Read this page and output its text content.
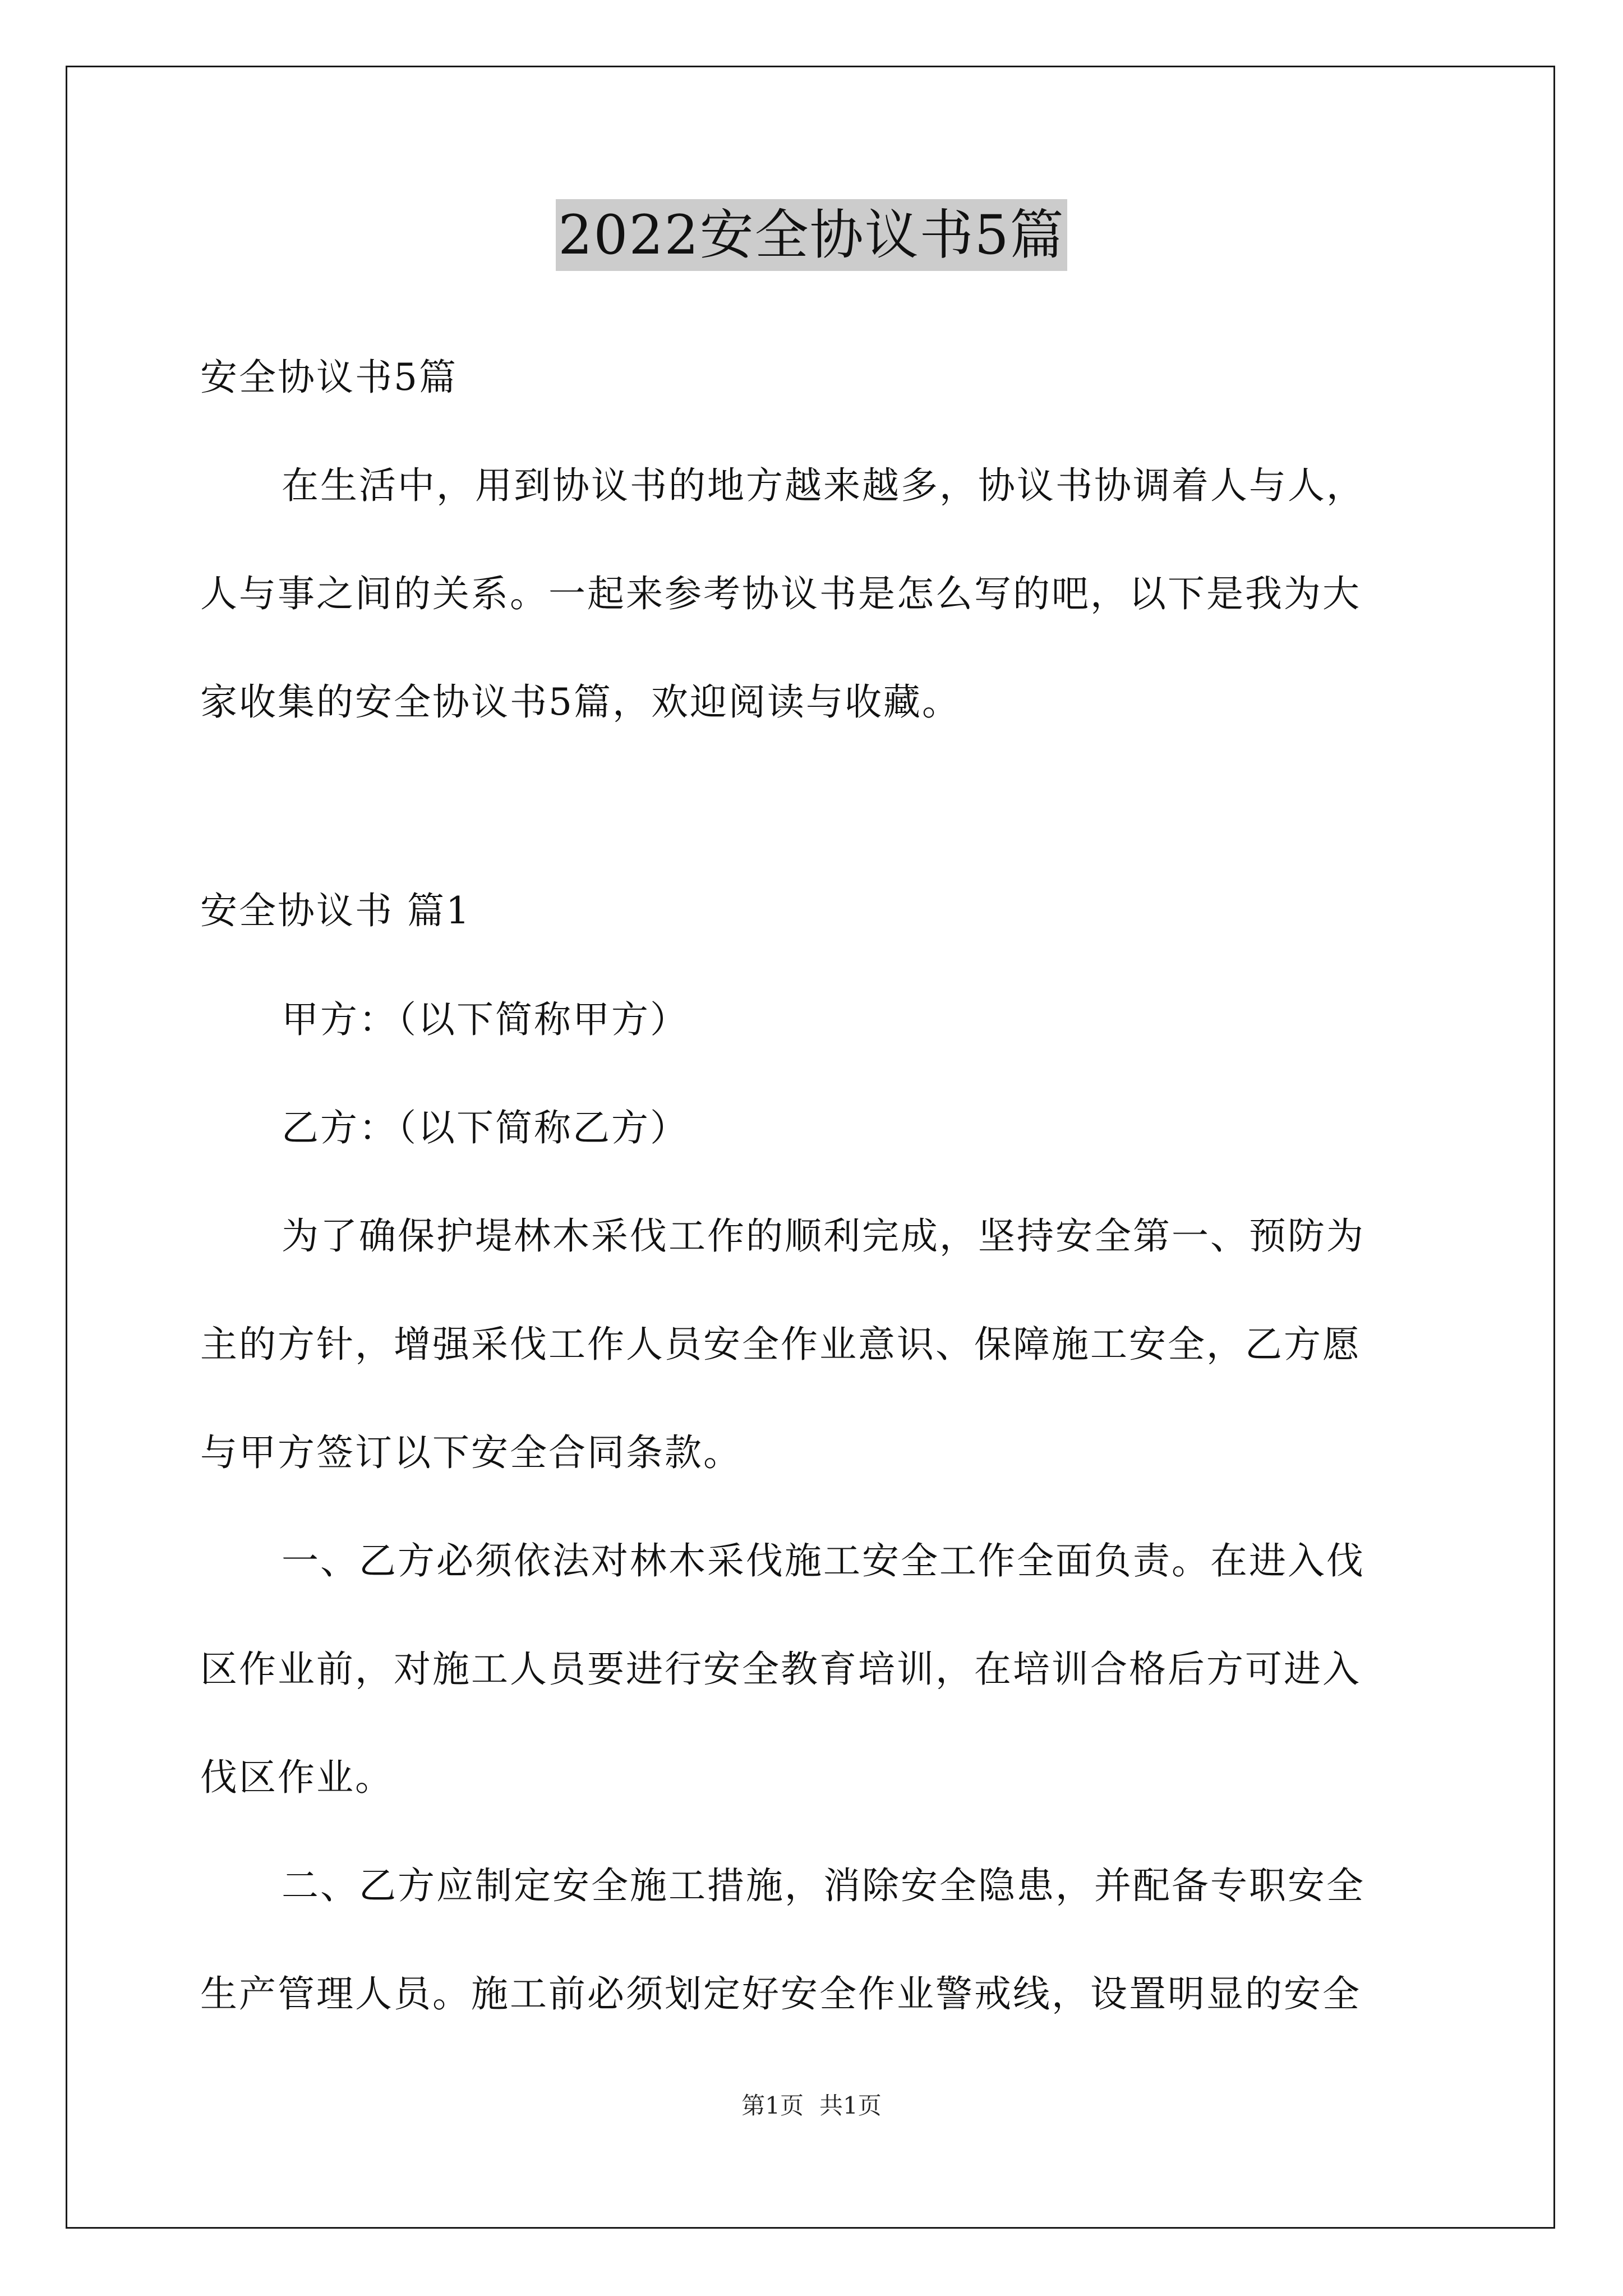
2022安全协议书5篇
安全协议书5篇
在生活中，用到协议书的地方越来越多，协议书协调着人与人，
人与事之间的关系。一起来参考协议书是怎么写的吧，以下是我为大
家收集的安全协议书5篇，欢迎阅读与收藏。
安全协议书 篇1
甲方：（以下简称甲方）
乙方：（以下简称乙方）
为了确保护堤林木采伐工作的顺利完成，坚持安全第一、预防为
主的方针，增强采伐工作人员安全作业意识、保障施工安全，乙方愿
与甲方签订以下安全合同条款。
一、乙方必须依法对林木采伐施工安全工作全面负责。在进入伐
区作业前，对施工人员要进行安全教育培训，在培训合格后方可进入
伐区作业。
二、乙方应制定安全施工措施，消除安全隐患，并配备专职安全
生产管理人员。施工前必须划定好安全作业警戒线，设置明显的安全
第1页 共1页
